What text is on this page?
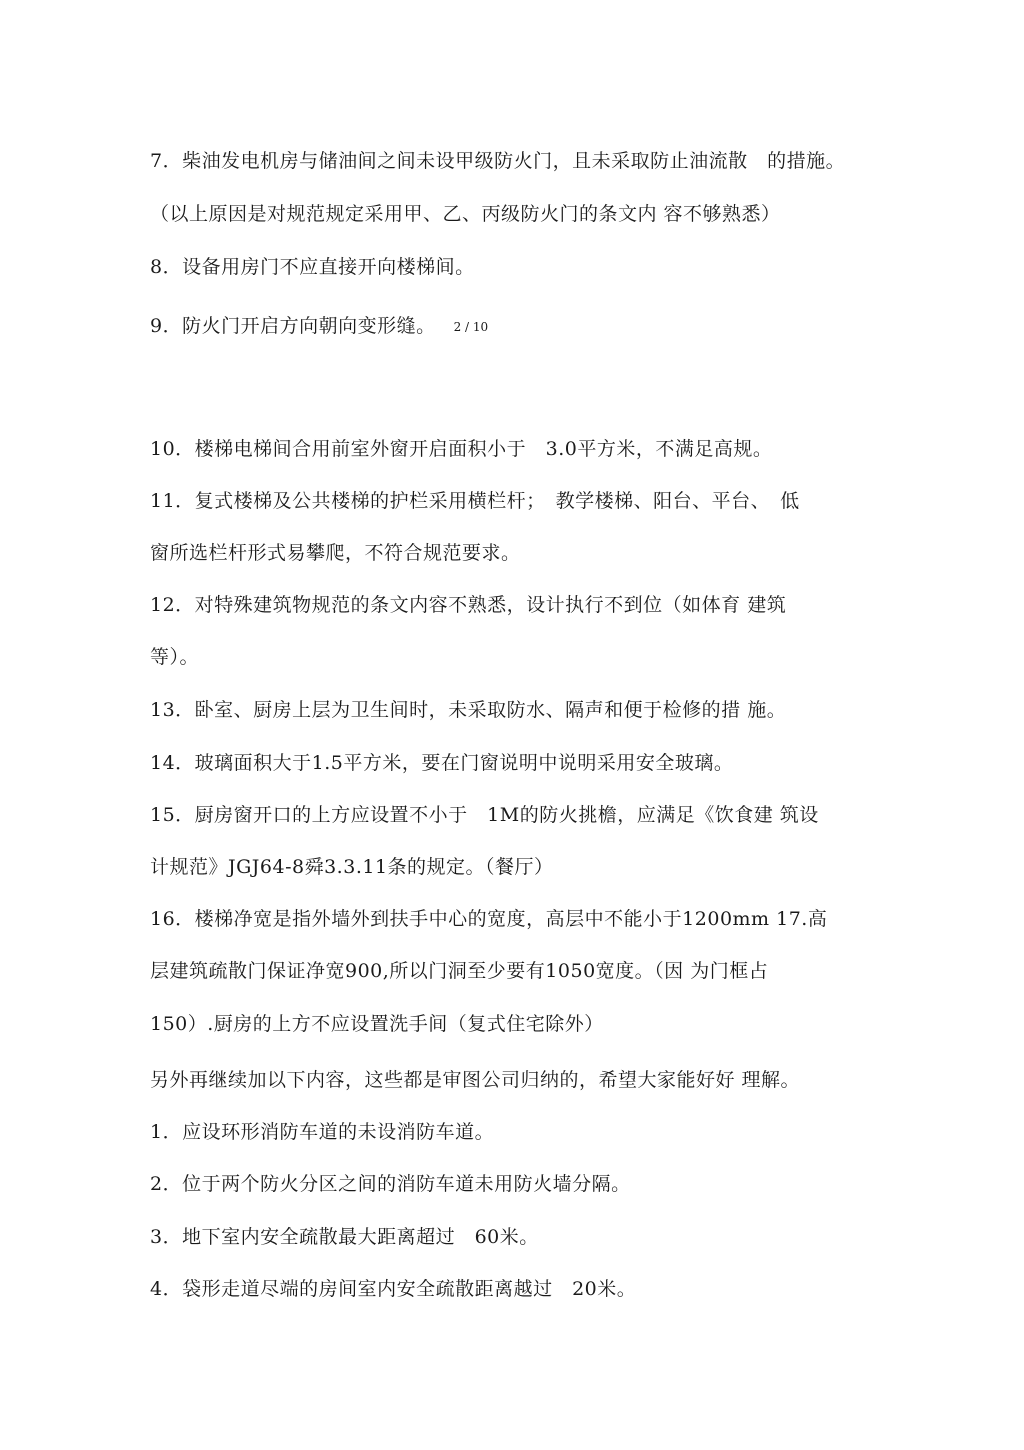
7．柴油发电机房与储油间之间未设甲级防火门，且未采取防止油流散　的措施。
（以上原因是对规范规定采用甲、乙、丙级防火门的条文内 容不够熟悉）
8．设备用房门不应直接开向楼梯间。
9．防火门开启方向朝向变形缝。 2 / 10
10．楼梯电梯间合用前室外窗开启面积小于　3.0平方米，不满足高规。
11．复式楼梯及公共楼梯的护栏采用横栏杆；　教学楼梯、阳台、平台、　低
窗所选栏杆形式易攀爬，不符合规范要求。
12．对特殊建筑物规范的条文内容不熟悉，设计执行不到位（如体育 建筑
等）。
13．卧室、厨房上层为卫生间时，未采取防水、隔声和便于检修的措 施。
14．玻璃面积大于1.5平方米，要在门窗说明中说明采用安全玻璃。
15．厨房窗开口的上方应设置不小于　1M的防火挑檐，应满足《饮食建 筑设
计规范》JGJ64-8舜3.3.11条的规定。（餐厅）
16．楼梯净宽是指外墙外到扶手中心的宽度，高层中不能小于1200mm 17.高
层建筑疏散门保证净宽900,所以门洞至少要有1050宽度。（因 为门框占
150）.厨房的上方不应设置洗手间（复式住宅除外）
另外再继续加以下内容，这些都是审图公司归纳的，希望大家能好好 理解。
1．应设环形消防车道的未设消防车道。
2．位于两个防火分区之间的消防车道未用防火墙分隔。
3．地下室内安全疏散最大距离超过　60米。
4．袋形走道尽端的房间室内安全疏散距离越过　20米。
